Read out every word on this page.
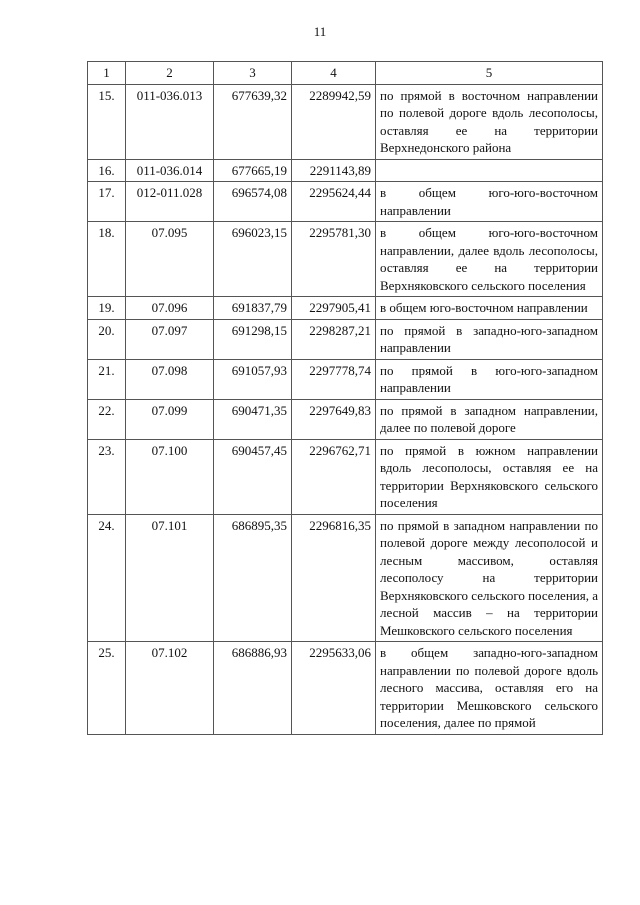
11
1	2	3	4	5
15.	011-036.013	677639,32	2289942,59	по прямой в восточном направлении по полевой дороге вдоль лесополосы, оставляя ее на территории Верхнедонского района
16.	011-036.014	677665,19	2291143,89	
17.	012-011.028	696574,08	2295624,44	в общем юго-юго-восточном направлении
18.	07.095	696023,15	2295781,30	в общем юго-юго-восточном направлении, далее вдоль лесополосы, оставляя ее на территории Верхняковского сельского поселения
19.	07.096	691837,79	2297905,41	в общем юго-восточном направлении
20.	07.097	691298,15	2298287,21	по прямой в западно-юго-западном направлении
21.	07.098	691057,93	2297778,74	по прямой в юго-юго-западном направлении
22.	07.099	690471,35	2297649,83	по прямой в западном направлении, далее по полевой дороге
23.	07.100	690457,45	2296762,71	по прямой в южном направлении вдоль лесополосы, оставляя ее на территории Верхняковского сельского поселения
24.	07.101	686895,35	2296816,35	по прямой в западном направлении по полевой дороге между лесополосой и лесным массивом, оставляя лесополосу на территории Верхняковского сельского поселения, а лесной массив – на территории Мешковского сельского поселения
25.	07.102	686886,93	2295633,06	в общем западно-юго-западном направлении по полевой дороге вдоль лесного массива, оставляя его на территории Мешковского сельского поселения, далее по прямой
